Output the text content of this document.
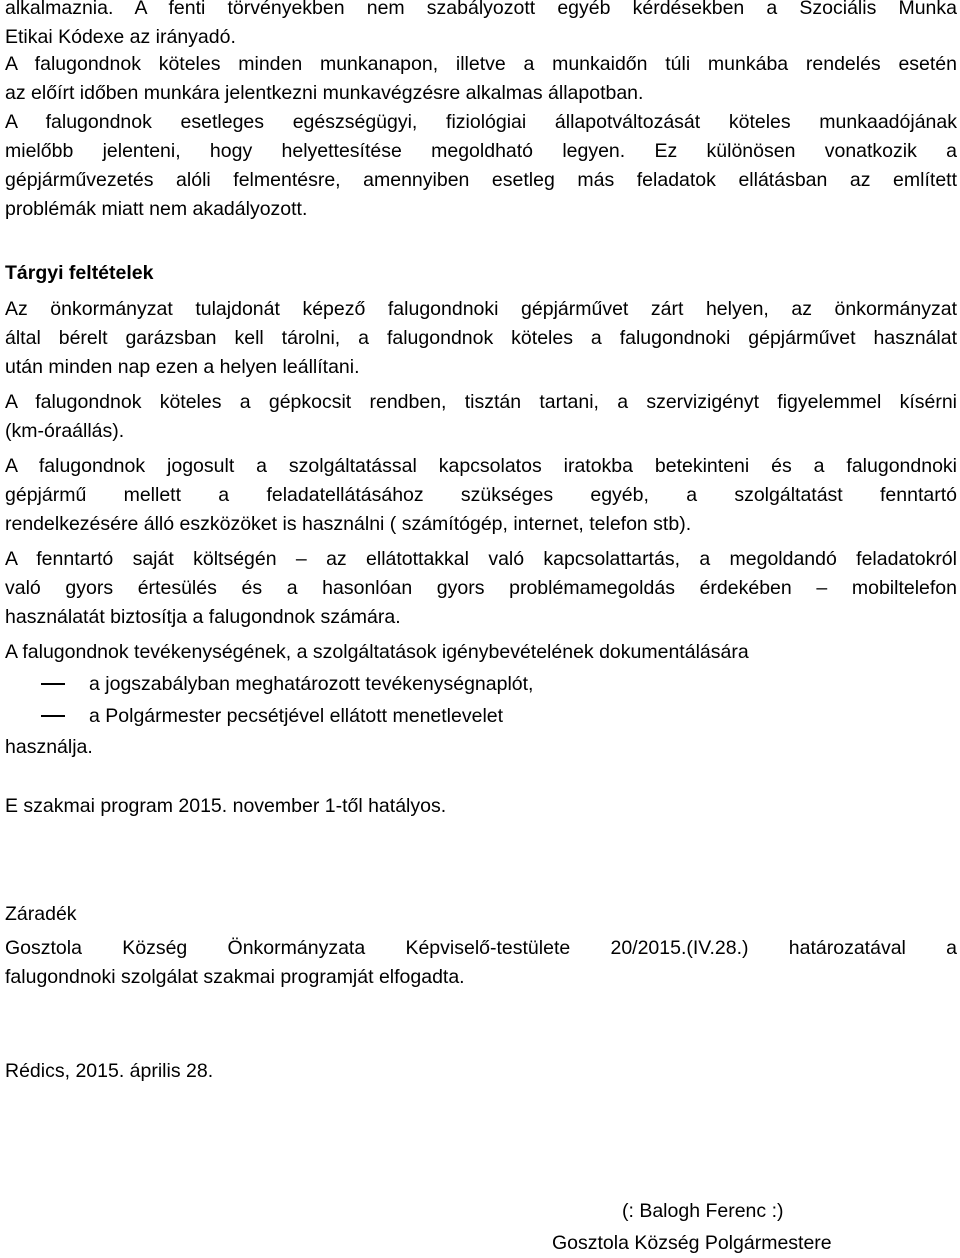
alkalmaznia. A fenti törvényekben nem szabályozott egyéb kérdésekben a Szociális Munka
Etikai Kódexe az irányadó.

A falugondnok köteles minden munkanapon, illetve a munkaidőn túli munkába rendelés esetén
az előírt időben munkára jelentkezni munkavégzésre alkalmas állapotban.

A falugondnok esetleges egészségügyi, fiziológiai állapotváltozását köteles munkaadójának
mielőbb jelenteni, hogy helyettesítése megoldható legyen. Ez különösen vonatkozik a
gépjárművezetés alóli felmentésre, amennyiben esetleg más feladatok ellátásban az említett
problémák miatt nem akadályozott.

Tárgyi feltételek

Az önkormányzat tulajdonát képező falugondnoki gépjárművet zárt helyen, az önkormányzat
által bérelt garázsban kell tárolni, a falugondnok köteles a falugondnoki gépjárművet használat
után minden nap ezen a helyen leállítani.

A falugondnok köteles a gépkocsit rendben, tisztán tartani, a szervizigényt figyelemmel kísérni
(km-óraállás).

A falugondnok jogosult a szolgáltatással kapcsolatos iratokba betekinteni és a falugondnoki
gépjármű mellett a feladatellátásához szükséges egyéb, a szolgáltatást fenntartó
rendelkezésére álló eszközöket is használni ( számítógép, internet, telefon stb).

A fenntartó saját költségén – az ellátottakkal való kapcsolattartás, a megoldandó feladatokról
való gyors értesülés és a hasonlóan gyors problémamegoldás érdekében – mobiltelefon
használatát biztosítja a falugondnok számára.

A falugondnok tevékenységének, a szolgáltatások igénybevételének dokumentálására

a jogszabályban meghatározott tevékenységnaplót,
a Polgármester pecsétjével ellátott menetlevelet

használja.

E szakmai program 2015. november 1-től hatályos.

Záradék

Gosztola Község Önkormányzata Képviselő-testülete 20/2015.(IV.28.) határozatával a
falugondnoki szolgálat szakmai programját elfogadta.

Rédics, 2015. április 28.

(: Balogh Ferenc :)
Gosztola Község Polgármestere
